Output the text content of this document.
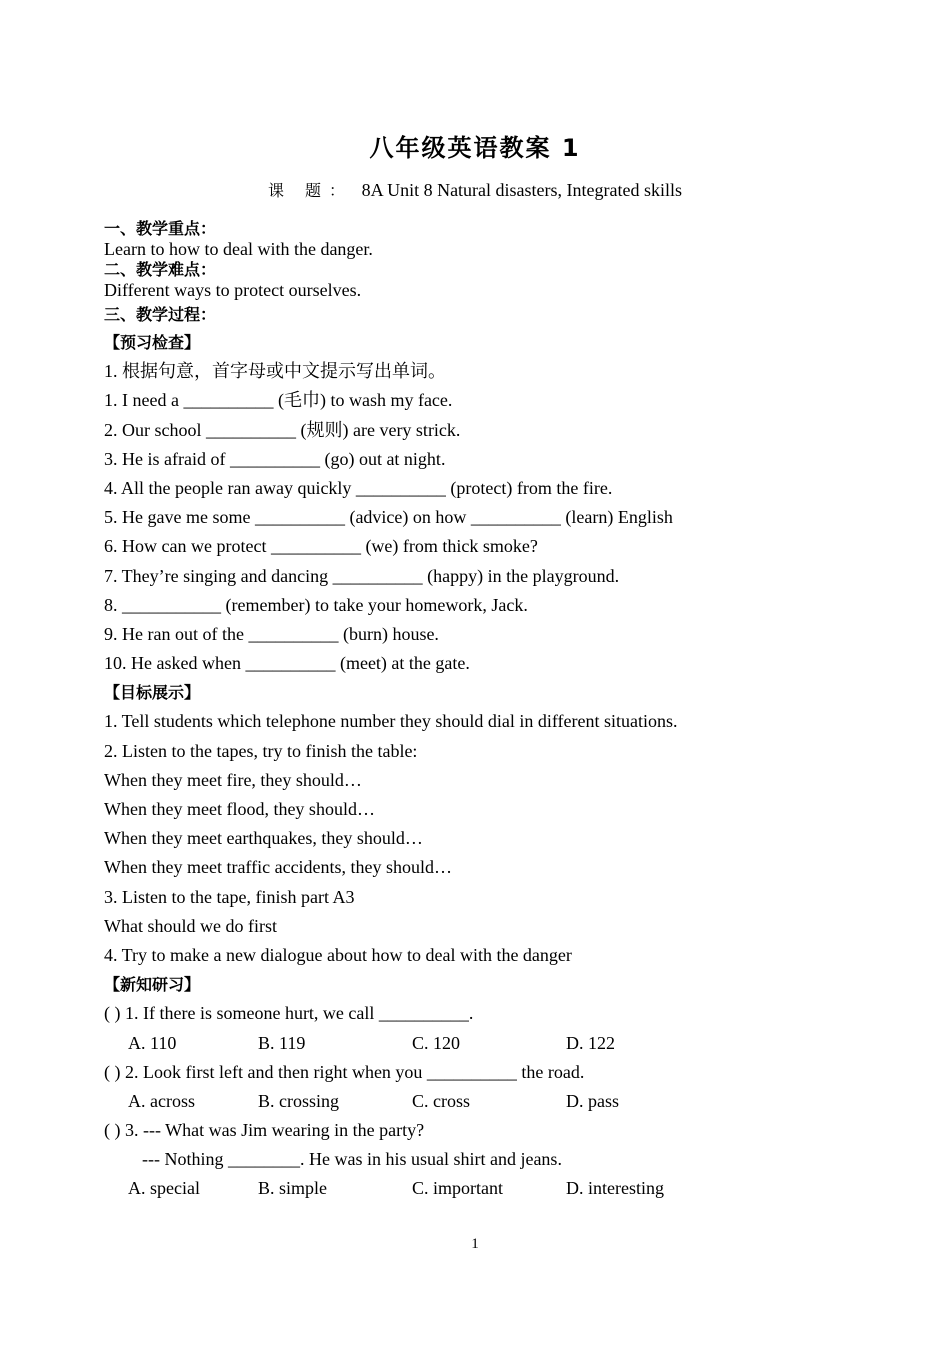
八年级英语教案 1
课 题： 8A Unit 8 Natural disasters, Integrated skills
一、教学重点：
Learn to how to deal with the danger.
二、教学难点：
Different ways to protect ourselves.
三、教学过程：
【预习检查】
1. 根据句意，首字母或中文提示写出单词。
1. I need a __________ (毛巾) to wash my face.
2. Our school __________ (规则) are very strick.
3. He is afraid of __________ (go) out at night.
4. All the people ran away quickly __________ (protect) from the fire.
5. He gave me some __________ (advice) on how __________ (learn) English
6. How can we protect __________ (we) from thick smoke?
7. They’re singing and dancing __________ (happy) in the playground.
8. ___________ (remember) to take your homework, Jack.
9. He ran out of the __________ (burn) house.
10. He asked when __________ (meet) at the gate.
【目标展示】
1. Tell students which telephone number they should dial in different situations.
2. Listen to the tapes, try to finish the table:
When they meet fire, they should…
When they meet flood, they should…
When they meet earthquakes, they should…
When they meet traffic accidents, they should…
3. Listen to the tape, finish part A3
What should we do first
4. Try to make a new dialogue about how to deal with the danger
【新知研习】
( ) 1. If there is someone hurt, we call __________.
A. 110	B. 119	C. 120	D. 122
( ) 2. Look first left and then right when you __________ the road.
A. across	B. crossing	C. cross	D. pass
( ) 3. --- What was Jim wearing in the party?
--- Nothing ________. He was in his usual shirt and jeans.
A. special	B. simple	C. important	D. interesting
1
